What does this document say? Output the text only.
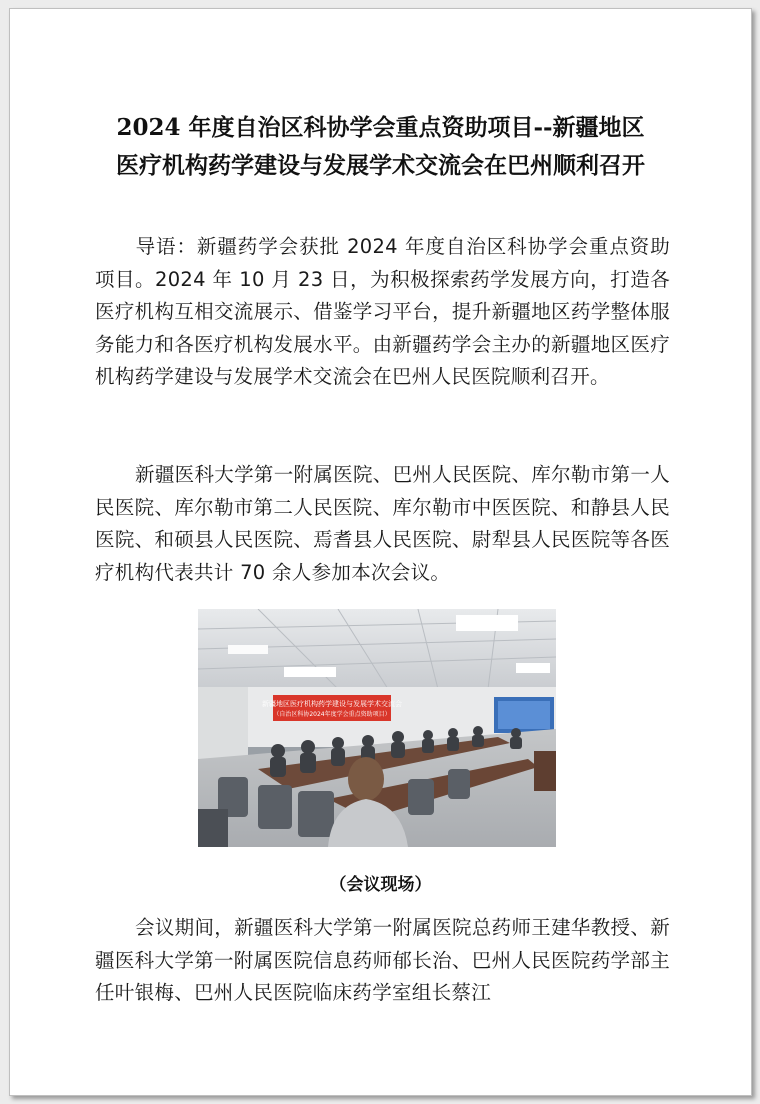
2024 年度自治区科协学会重点资助项目--新疆地区
医疗机构药学建设与发展学术交流会在巴州顺利召开
导语：新疆药学会获批 2024 年度自治区科协学会重点资助项目。2024 年 10 月 23 日，为积极探索药学发展方向，打造各医疗机构互相交流展示、借鉴学习平台，提升新疆地区药学整体服务能力和各医疗机构发展水平。由新疆药学会主办的新疆地区医疗机构药学建设与发展学术交流会在巴州人民医院顺利召开。
新疆医科大学第一附属医院、巴州人民医院、库尔勒市第一人民医院、库尔勒市第二人民医院、库尔勒市中医医院、和静县人民医院、和硕县人民医院、焉耆县人民医院、尉犁县人民医院等各医疗机构代表共计 70 余人参加本次会议。
新疆地区医疗机构药学建设与发展学术交流会
（自治区科协2024年度学会重点资助项目）
（会议现场）
会议期间，新疆医科大学第一附属医院总药师王建华教授、新疆医科大学第一附属医院信息药师郁长治、巴州人民医院药学部主任叶银梅、巴州人民医院临床药学室组长蔡江
